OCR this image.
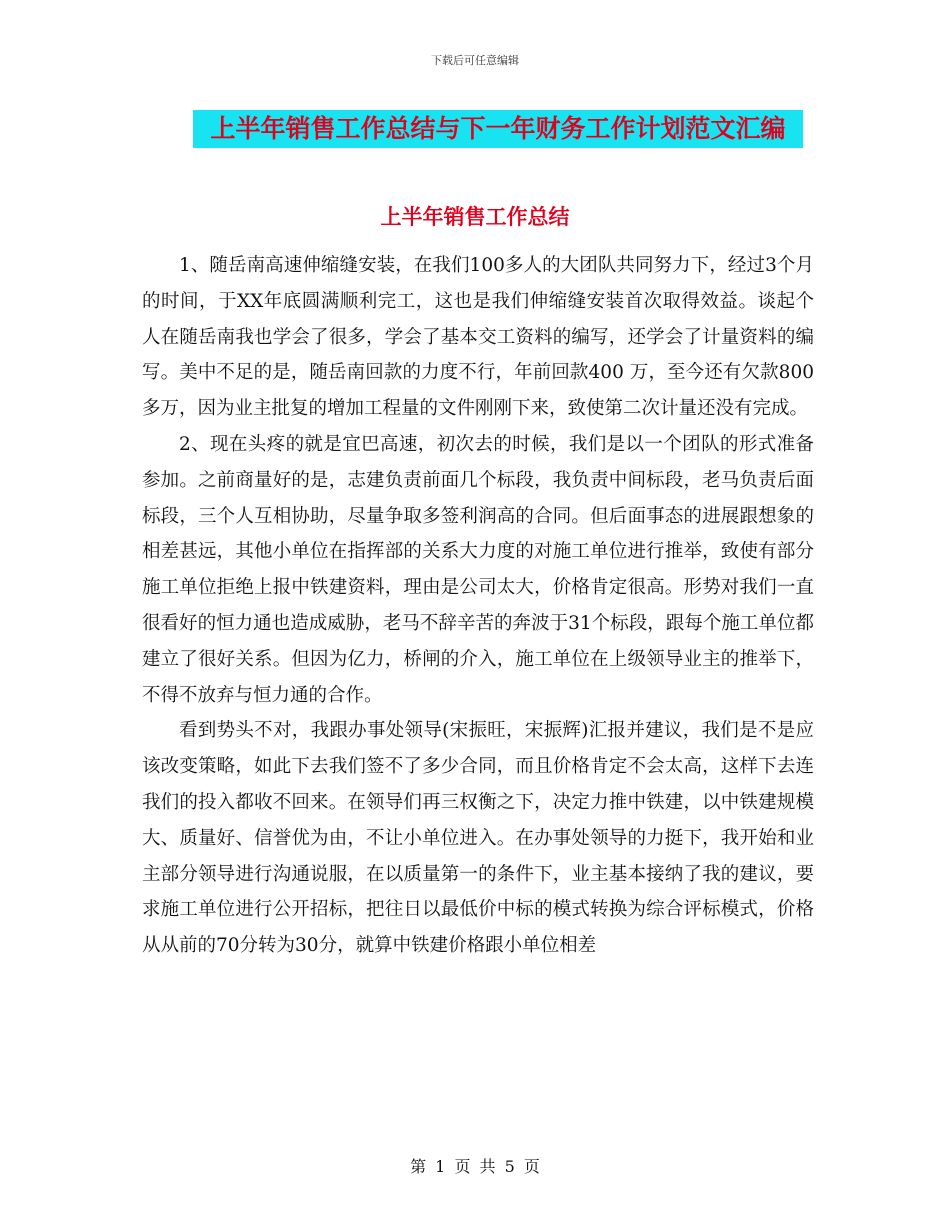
下载后可任意编辑
上半年销售工作总结与下一年财务工作计划范文汇编
上半年销售工作总结

1、随岳南高速伸缩缝安装，在我们100多人的大团队共同努力下，经过3个月的时间，于XX年底圆满顺利完工，这也是我们伸缩缝安装首次取得效益。谈起个人在随岳南我也学会了很多，学会了基本交工资料的编写，还学会了计量资料的编写。美中不足的是，随岳南回款的力度不行，年前回款400 万，至今还有欠款800多万，因为业主批复的增加工程量的文件刚刚下来，致使第二次计量还没有完成。

2、现在头疼的就是宜巴高速，初次去的时候，我们是以一个团队的形式准备参加。之前商量好的是，志建负责前面几个标段，我负责中间标段，老马负责后面标段，三个人互相协助，尽量争取多签利润高的合同。但后面事态的进展跟想象的相差甚远，其他小单位在指挥部的关系大力度的对施工单位进行推举，致使有部分施工单位拒绝上报中铁建资料，理由是公司太大，价格肯定很高。形势对我们一直很看好的恒力通也造成威胁，老马不辞辛苦的奔波于31个标段，跟每个施工单位都建立了很好关系。但因为亿力，桥闸的介入，施工单位在上级领导业主的推举下，不得不放弃与恒力通的合作。

看到势头不对，我跟办事处领导(宋振旺，宋振辉)汇报并建议，我们是不是应该改变策略，如此下去我们签不了多少合同，而且价格肯定不会太高，这样下去连我们的投入都收不回来。在领导们再三权衡之下，决定力推中铁建，以中铁建规模大、质量好、信誉优为由，不让小单位进入。在办事处领导的力挺下，我开始和业主部分领导进行沟通说服，在以质量第一的条件下，业主基本接纳了我的建议，要求施工单位进行公开招标，把往日以最低价中标的模式转换为综合评标模式，价格从从前的70分转为30分，就算中铁建价格跟小单位相差

第 1 页 共 5 页
